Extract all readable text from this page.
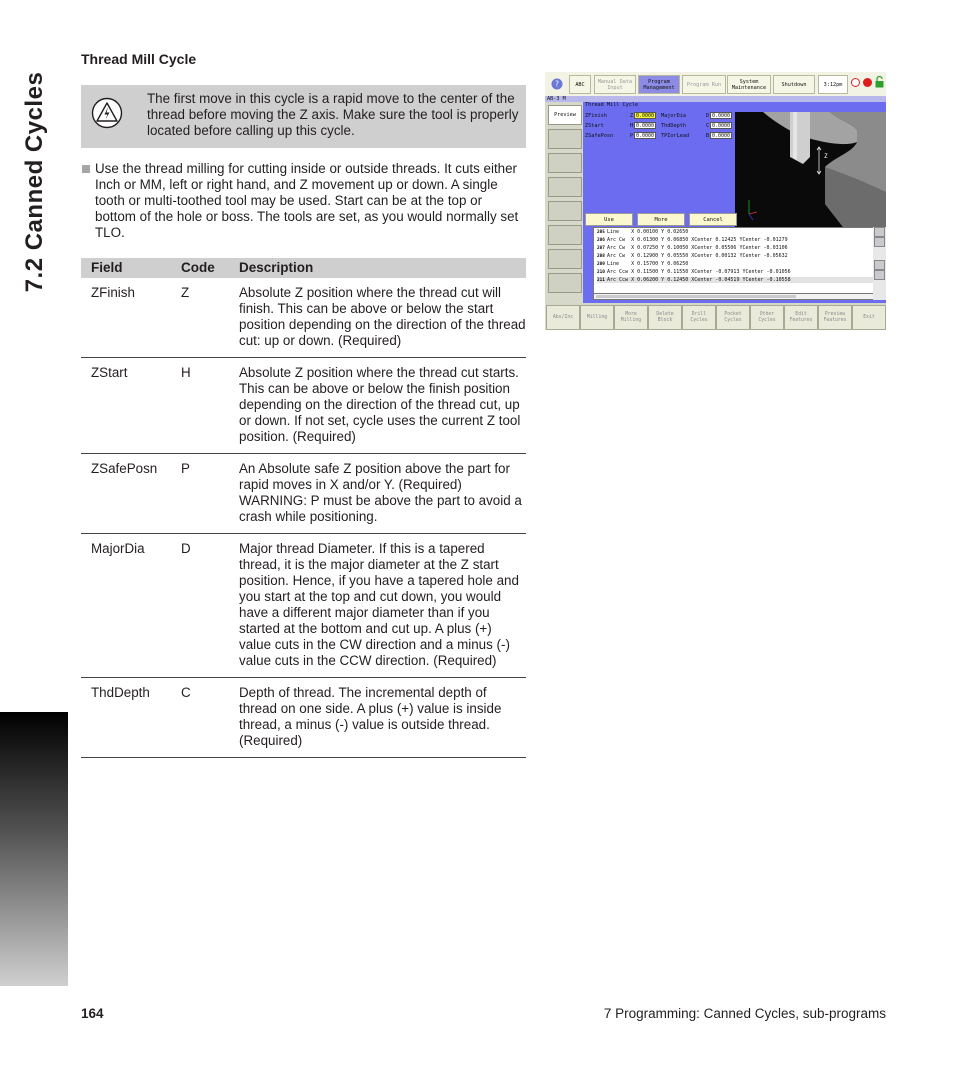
7.2 Canned Cycles
Thread Mill Cycle

The first move in this cycle is a rapid move to the center of the thread before moving the Z axis. Make sure the tool is properly located before calling up this cycle.

Use the thread milling for cutting inside or outside threads. It cuts either Inch or MM, left or right hand, and Z movement up or down. A single tooth or multi-toothed tool may be used. Start can be at the top or bottom of the hole or boss. The tools are set, as you would normally set TLO.

Field	Code	Description
ZFinish	Z	Absolute Z position where the thread cut will finish. This can be above or below the start position depending on the direction of the thread cut: up or down. (Required)
ZStart	H	Absolute Z position where the thread cut starts. This can be above or below the finish position depending on the direction of the thread cut, up or down. If not set, cycle uses the current Z tool position. (Required)
ZSafePosn	P	An Absolute safe Z position above the part for rapid moves in X and/or Y. (Required) WARNING: P must be above the part to avoid a crash while positioning.
MajorDia	D	Major thread Diameter. If this is a tapered thread, it is the major diameter at the Z start position. Hence, if you have a tapered hole and you start at the top and cut down, you would have a different major diameter than if you started at the bottom and cut up. A plus (+) value cuts in the CW direction and a minus (-) value cuts in the CCW direction. (Required)
ThdDepth	C	Depth of thread. The incremental depth of thread on one side. A plus (+) value is inside thread, a minus (-) value is outside thread. (Required)
?	ABC	Manual Data Input
Program Management	Program Run	System Maintenance	Shutdown	3:12pm
AB-3 M
Preview
Thread Mill Cycle
ZFinish	Z 0.0000
ZStart	H 0.0000
ZSafePosn	P 0.0000
MajorDia	D 0.0000
ThdDepth	C 0.0000
TPIorLead	B 0.0000
Z
Use	More	Cancel
205 Line    X 0.00100 Y 0.02650
206 Arc Cw  X 0.01300 Y 0.06850 XCenter 0.12425 YCenter -0.01279
207 Arc Cw  X 0.07250 Y 0.10050 XCenter 0.05506 YCenter -0.03106
208 Arc Cw  X 0.12900 Y 0.05550 XCenter 0.00132 YCenter -0.05632
209 Line    X 0.15700 Y 0.06250
210 Arc Ccw X 0.11500 Y 0.11550 XCenter -0.07913 YCenter -0.01056
211 Arc Ccw X 0.06200 Y 0.12450 XCenter -0.04519 YCenter -0.10558
Abs/Inc	Milling
More Milling
Delete Block
Drill Cycles
Pocket Cycles
Other Cycles
Edit Features
Preview Features
Exit
164	7 Programming: Canned Cycles, sub-programs
